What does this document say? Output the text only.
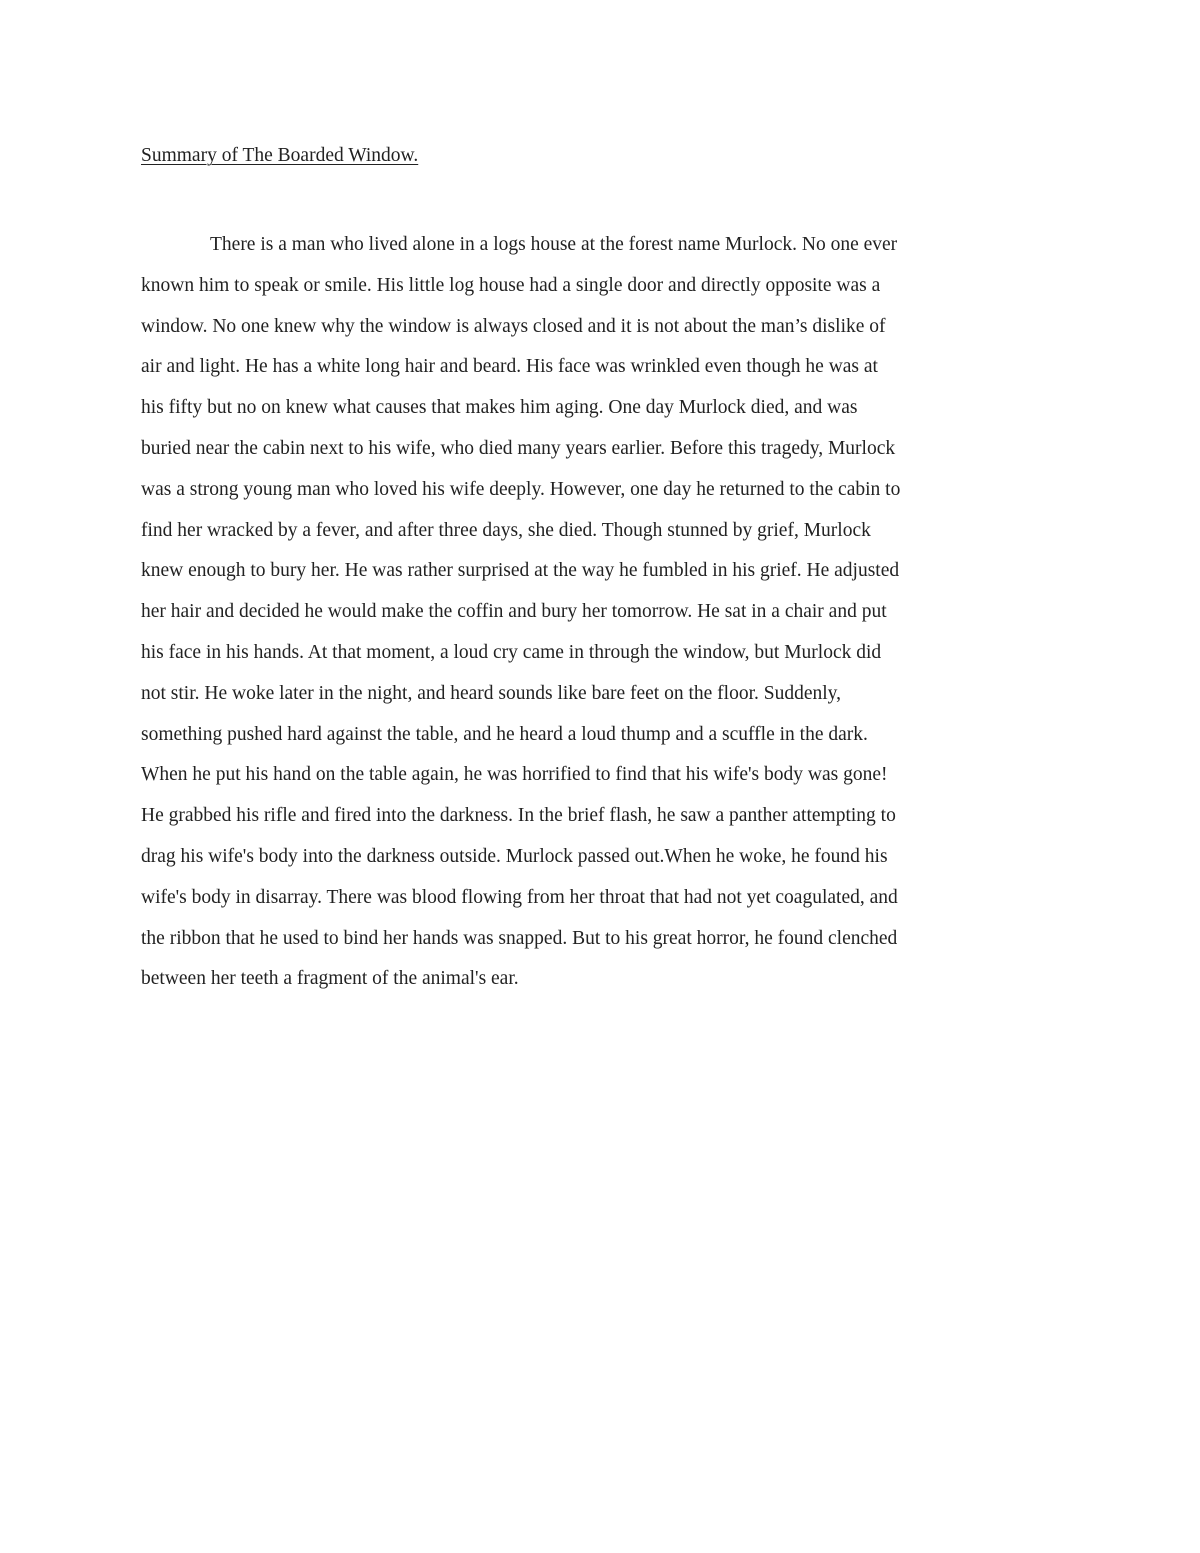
Summary of The Boarded Window.
There is a man who lived alone in a logs house at the forest name Murlock. No one ever
known him to speak or smile. His little log house had a single door and directly opposite was a
window. No one knew why the window is always closed and it is not about the man’s dislike of
air and light. He has a white long hair and beard. His face was wrinkled even though he was at
his fifty but no on knew what causes that makes him aging. One day Murlock died, and was
buried near the cabin next to his wife, who died many years earlier. Before this tragedy, Murlock
was a strong young man who loved his wife deeply. However, one day he returned to the cabin to
find her wracked by a fever, and after three days, she died. Though stunned by grief, Murlock
knew enough to bury her. He was rather surprised at the way he fumbled in his grief. He adjusted
her hair and decided he would make the coffin and bury her tomorrow. He sat in a chair and put
his face in his hands. At that moment, a loud cry came in through the window, but Murlock did
not stir. He woke later in the night, and heard sounds like bare feet on the floor. Suddenly,
something pushed hard against the table, and he heard a loud thump and a scuffle in the dark.
When he put his hand on the table again, he was horrified to find that his wife's body was gone!
He grabbed his rifle and fired into the darkness. In the brief flash, he saw a panther attempting to
drag his wife's body into the darkness outside. Murlock passed out.When he woke, he found his
wife's body in disarray. There was blood flowing from her throat that had not yet coagulated, and
the ribbon that he used to bind her hands was snapped. But to his great horror, he found clenched
between her teeth a fragment of the animal's ear.
